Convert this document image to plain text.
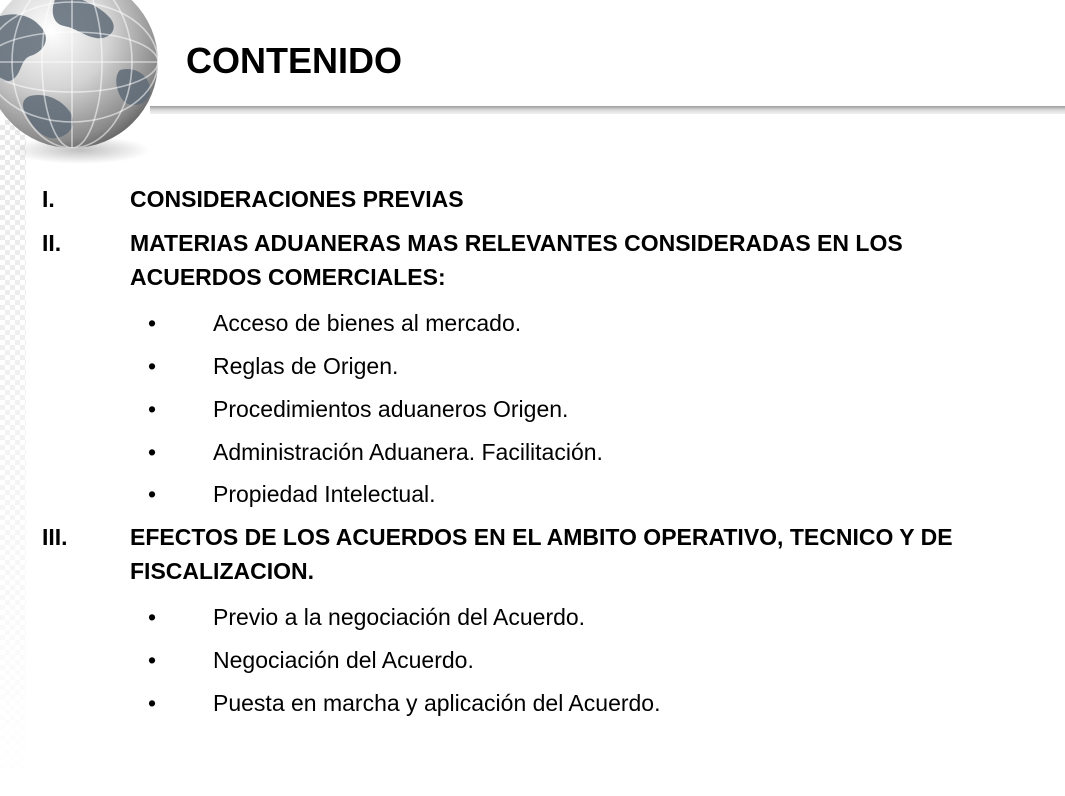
CONTENIDO
I.	CONSIDERACIONES PREVIAS
II.	MATERIAS ADUANERAS MAS RELEVANTES CONSIDERADAS EN LOS ACUERDOS COMERCIALES:
• Acceso de bienes al mercado.
• Reglas de Origen.
• Procedimientos aduaneros Origen.
• Administración Aduanera. Facilitación.
• Propiedad Intelectual.
III.	EFECTOS DE LOS ACUERDOS EN EL AMBITO OPERATIVO, TECNICO Y DE FISCALIZACION.
• Previo a la negociación del Acuerdo.
• Negociación del Acuerdo.
• Puesta en marcha y aplicación del Acuerdo.
